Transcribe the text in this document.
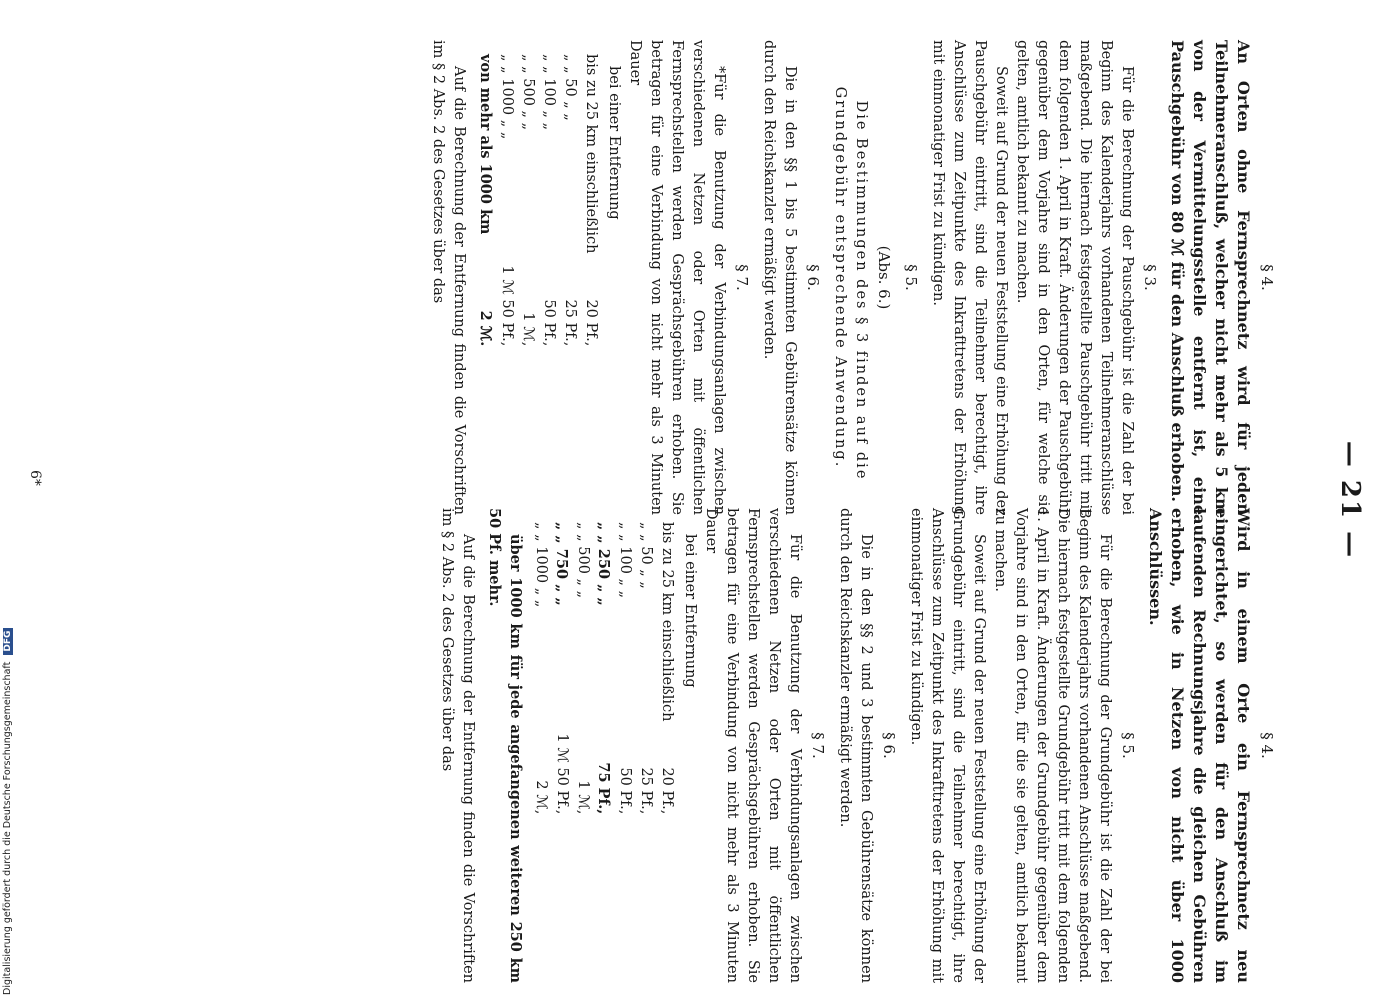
— 21 —
§ 4.

An Orten ohne Fernsprechnetz wird für jeden Teilnehmeranschluß, welcher nicht mehr als 5 km von der Vermittelungsstelle entfernt ist, eine Pauschgebühr von 80 ℳ für den Anschluß erhoben.

§ 3.

Für die Berechnung der Pauschgebühr ist die Zahl der bei Beginn des Kalenderjahrs vorhandenen Teilnehmeranschlüsse maßgebend. Die hiernach festgestellte Pauschgebühr tritt mit dem folgenden 1. April in Kraft. Änderungen der Pauschgebühr gegenüber dem Vorjahre sind in den Orten, für welche sie gelten, amtlich bekannt zu machen.

Soweit auf Grund der neuen Feststellung eine Erhöhung der Pauschgebühr eintritt, sind die Teilnehmer berechtigt, ihre Anschlüsse zum Zeitpunkte des Inkrafttretens der Erhöhung mit einmonatiger Frist zu kündigen.

§ 5.
(Abs. 6.)

Die Bestimmungen des § 3 finden auf die Grundgebühr entsprechende Anwendung.

§ 6.

Die in den §§ 1 bis 5 bestimmten Gebührensätze können durch den Reichskanzler ermäßigt werden.

§ 7.

*Für die Benutzung der Verbindungsanlagen zwischen verschiedenen Netzen oder Orten mit öffentlichen Fernsprechstellen werden Gesprächsgebühren erhoben. Sie betragen für eine Verbindung von nicht mehr als 3 Minuten Dauer

bei einer Entfernung

bis zu 25 km einschließlich	20 Pf.,
„ „ 50 „ „	25 Pf.,
„ „ 100 „ „	50 Pf.,
„ „ 500 „ „	1 ℳ,
„ „ 1000 „ „	1 ℳ 50 Pf.,
von mehr als 1000 km	2 ℳ.

Auf die Berechnung der Entfernung finden die Vorschriften im § 2 Abs. 2 des Gesetzes über das

§ 4.

Wird in einem Orte ein Fernsprechnetz neu eingerichtet, so werden für den Anschluß im laufenden Rechnungsjahre die gleichen Gebühren erhoben, wie in Netzen von nicht über 1000 Anschlüssen.

§ 5.

Für die Berechnung der Grundgebühr ist die Zahl der bei Beginn des Kalenderjahrs vorhandenen Anschlüsse maßgebend. Die hiernach festgestellte Grundgebühr tritt mit dem folgenden 1. April in Kraft. Änderungen der Grundgebühr gegenüber dem Vorjahre sind in den Orten, für die sie gelten, amtlich bekannt zu machen.

Soweit auf Grund der neuen Feststellung eine Erhöhung der Grundgebühr eintritt, sind die Teilnehmer berechtigt, ihre Anschlüsse zum Zeitpunkt des Inkrafttretens der Erhöhung mit einmonatiger Frist zu kündigen.

§ 6.

Die in den §§ 2 und 3 bestimmten Gebührensätze können durch den Reichskanzler ermäßigt werden.

§ 7.

Für die Benutzung der Verbindungsanlagen zwischen verschiedenen Netzen oder Orten mit öffentlichen Fernsprechstellen werden Gesprächsgebühren erhoben. Sie betragen für eine Verbindung von nicht mehr als 3 Minuten Dauer

bei einer Entfernung

bis zu 25 km einschließlich	20 Pf.,
„ „ 50 „ „	25 Pf.,
„ „ 100 „ „	50 Pf.,
„ „ 250 „ „	75 Pf.,
„ „ 500 „ „	1 ℳ,
„ „ 750 „ „	1 ℳ 50 Pf.,
„ „ 1000 „ „	2 ℳ,

über 1000 km für jede angefangenen weiteren 250 km 50 Pf. mehr.

Auf die Berechnung der Entfernung finden die Vorschriften im § 2 Abs. 2 des Gesetzes über das

6*
Digitalisierung gefördert durch die Deutsche Forschungsgemeinschaft DFG
